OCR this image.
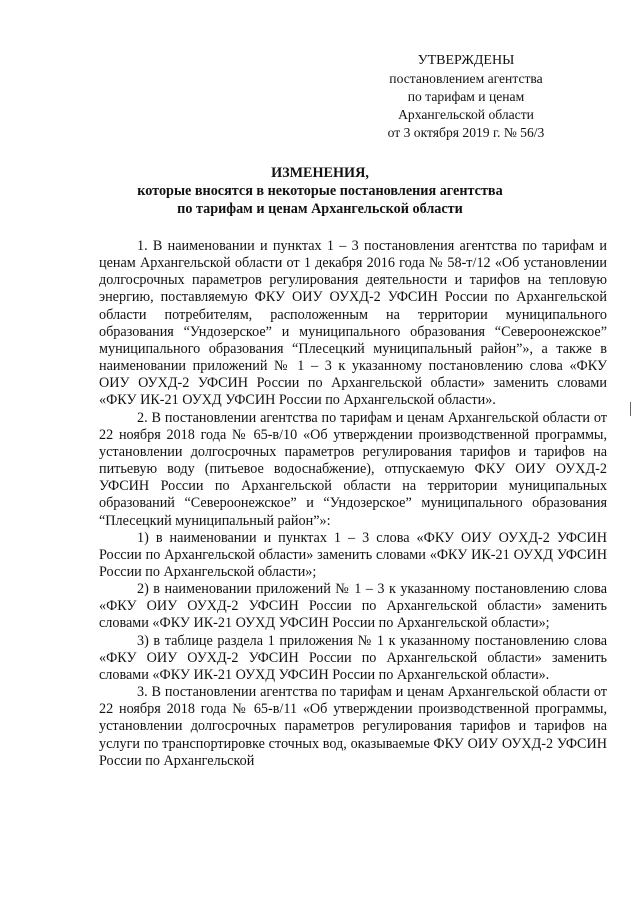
УТВЕРЖДЕНЫ
постановлением агентства
по тарифам и ценам
Архангельской области
от 3 октября 2019 г. № 56/3
ИЗМЕНЕНИЯ,
которые вносятся в некоторые постановления агентства
по тарифам и ценам Архангельской области

1. В наименовании и пунктах 1 – 3 постановления агентства по тарифам и ценам Архангельской области от 1 декабря 2016 года № 58-т/12 «Об установлении долгосрочных параметров регулирования деятельности и тарифов на тепловую энергию, поставляемую ФКУ ОИУ ОУХД-2 УФСИН России по Архангельской области потребителям, расположенным на территории муниципального образования “Ундозерское” и муниципального образования “Североонежское” муниципального образования “Плесецкий муниципальный район”», а также в наименовании приложений № 1 – 3 к указанному постановлению слова «ФКУ ОИУ ОУХД-2 УФСИН России по Архангельской области» заменить словами «ФКУ ИК-21 ОУХД УФСИН России по Архангельской области».

2. В постановлении агентства по тарифам и ценам Архангельской области от 22 ноября 2018 года № 65-в/10 «Об утверждении производственной программы, установлении долгосрочных параметров регулирования тарифов и тарифов на питьевую воду (питьевое водоснабжение), отпускаемую ФКУ ОИУ ОУХД-2 УФСИН России по Архангельской области на территории муниципальных образований “Североонежское” и “Ундозерское” муниципального образования “Плесецкий муниципальный район”»:

1) в наименовании и пунктах 1 – 3 слова «ФКУ ОИУ ОУХД-2 УФСИН России по Архангельской области» заменить словами «ФКУ ИК-21 ОУХД УФСИН России по Архангельской области»;

2) в наименовании приложений № 1 – 3 к указанному постановлению слова «ФКУ ОИУ ОУХД-2 УФСИН России по Архангельской области» заменить словами «ФКУ ИК-21 ОУХД УФСИН России по Архангельской области»;

3) в таблице раздела 1 приложения № 1 к указанному постановлению слова «ФКУ ОИУ ОУХД-2 УФСИН России по Архангельской области» заменить словами «ФКУ ИК-21 ОУХД УФСИН России по Архангельской области».

3. В постановлении агентства по тарифам и ценам Архангельской области от 22 ноября 2018 года № 65-в/11 «Об утверждении производственной программы, установлении долгосрочных параметров регулирования тарифов и тарифов на услуги по транспортировке сточных вод, оказываемые ФКУ ОИУ ОУХД-2 УФСИН России по Архангельской
